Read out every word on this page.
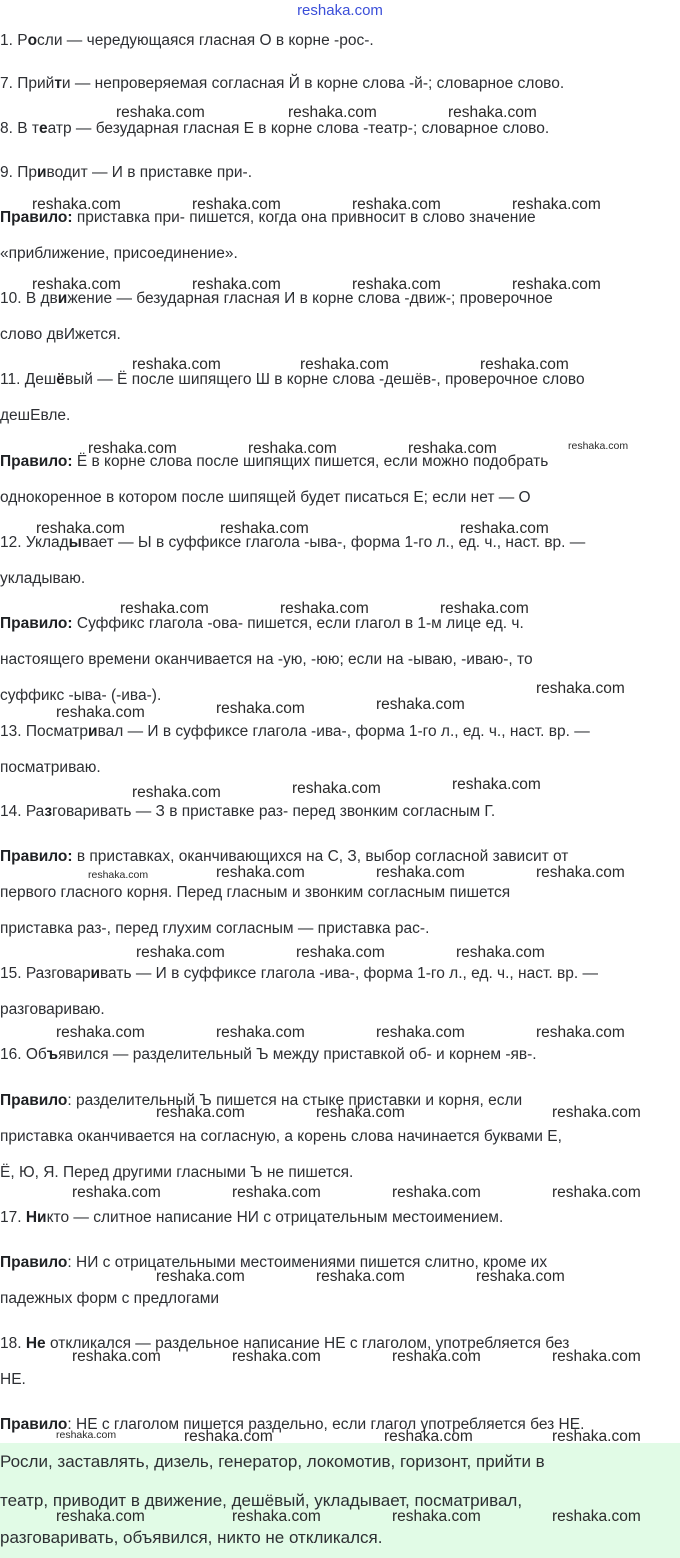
reshaka.com

1. Росли — чередующаяся гласная О в корне -рос-.

7. Прийти — непроверяемая согласная Й в корне слова -й-; словарное слово.

8. В театр — безударная гласная Е в корне слова -театр-; словарное слово.

9. Приводит — И в приставке при-.

Правило: приставка при- пишется, когда она привносит в слово значение

«приближение, присоединение».

10. В движение — безударная гласная И в корне слова -движ-; проверочное

слово двИжется.

11. Дешёвый — Ё после шипящего Ш в корне слова -дешёв-, проверочное слово

дешЕвле.

Правило: Ё в корне слова после шипящих пишется, если можно подобрать

однокоренное в котором после шипящей будет писаться Е; если нет — О

12. Укладывает — Ы в суффиксе глагола -ыва-, форма 1-го л., ед. ч., наст. вр. —

укладываю.

Правило: Суффикс глагола -ова- пишется, если глагол в 1-м лице ед. ч.

настоящего времени оканчивается на -ую, -юю; если на -ываю, -иваю-, то

суффикс -ыва- (-ива-).

13. Посматривал — И в суффиксе глагола -ива-, форма 1-го л., ед. ч., наст. вр. —

посматриваю.

14. Разговаривать — З в приставке раз- перед звонким согласным Г.

Правило: в приставках, оканчивающихся на С, З, выбор согласной зависит от

первого гласного корня. Перед гласным и звонким согласным пишется

приставка раз-, перед глухим согласным — приставка рас-.

15. Разговаривать — И в суффиксе глагола -ива-, форма 1-го л., ед. ч., наст. вр. —

разговариваю.

16. Объявился — разделительный Ъ между приставкой об- и корнем -яв-.

Правило: разделительный Ъ пишется на стыке приставки и корня, если

приставка оканчивается на согласную, а корень слова начинается буквами Е,

Ё, Ю, Я. Перед другими гласными Ъ не пишется.

17. Никто — слитное написание НИ с отрицательным местоимением.

Правило: НИ с отрицательными местоимениями пишется слитно, кроме их

падежных форм с предлогами

18. Не откликался — раздельное написание НЕ с глаголом, употребляется без

НЕ.

Правило: НЕ с глаголом пишется раздельно, если глагол употребляется без НЕ.

Росли, заставлять, дизель, генератор, локомотив, горизонт, прийти в

театр, приводит в движение, дешёвый, укладывает, посматривал,

разговаривать, объявился, никто не откликался.

reshaka.com	reshaka.com	reshaka.com
reshaka.com	reshaka.com	reshaka.com	reshaka.com
reshaka.com	reshaka.com	reshaka.com	reshaka.com
reshaka.com	reshaka.com	reshaka.com
reshaka.com	reshaka.com	reshaka.com	reshaka.com
reshaka.com	reshaka.com	reshaka.com
reshaka.com	reshaka.com	reshaka.com
reshaka.com
reshaka.com
reshaka.com
reshaka.com
reshaka.com
reshaka.com
reshaka.com
reshaka.com	reshaka.com	reshaka.com	reshaka.com
reshaka.com	reshaka.com	reshaka.com
reshaka.com	reshaka.com	reshaka.com	reshaka.com
reshaka.com	reshaka.com	reshaka.com
reshaka.com	reshaka.com	reshaka.com	reshaka.com
reshaka.com	reshaka.com	reshaka.com
reshaka.com	reshaka.com	reshaka.com	reshaka.com
reshaka.com	reshaka.com	reshaka.com	reshaka.com
reshaka.com	reshaka.com	reshaka.com	reshaka.com
